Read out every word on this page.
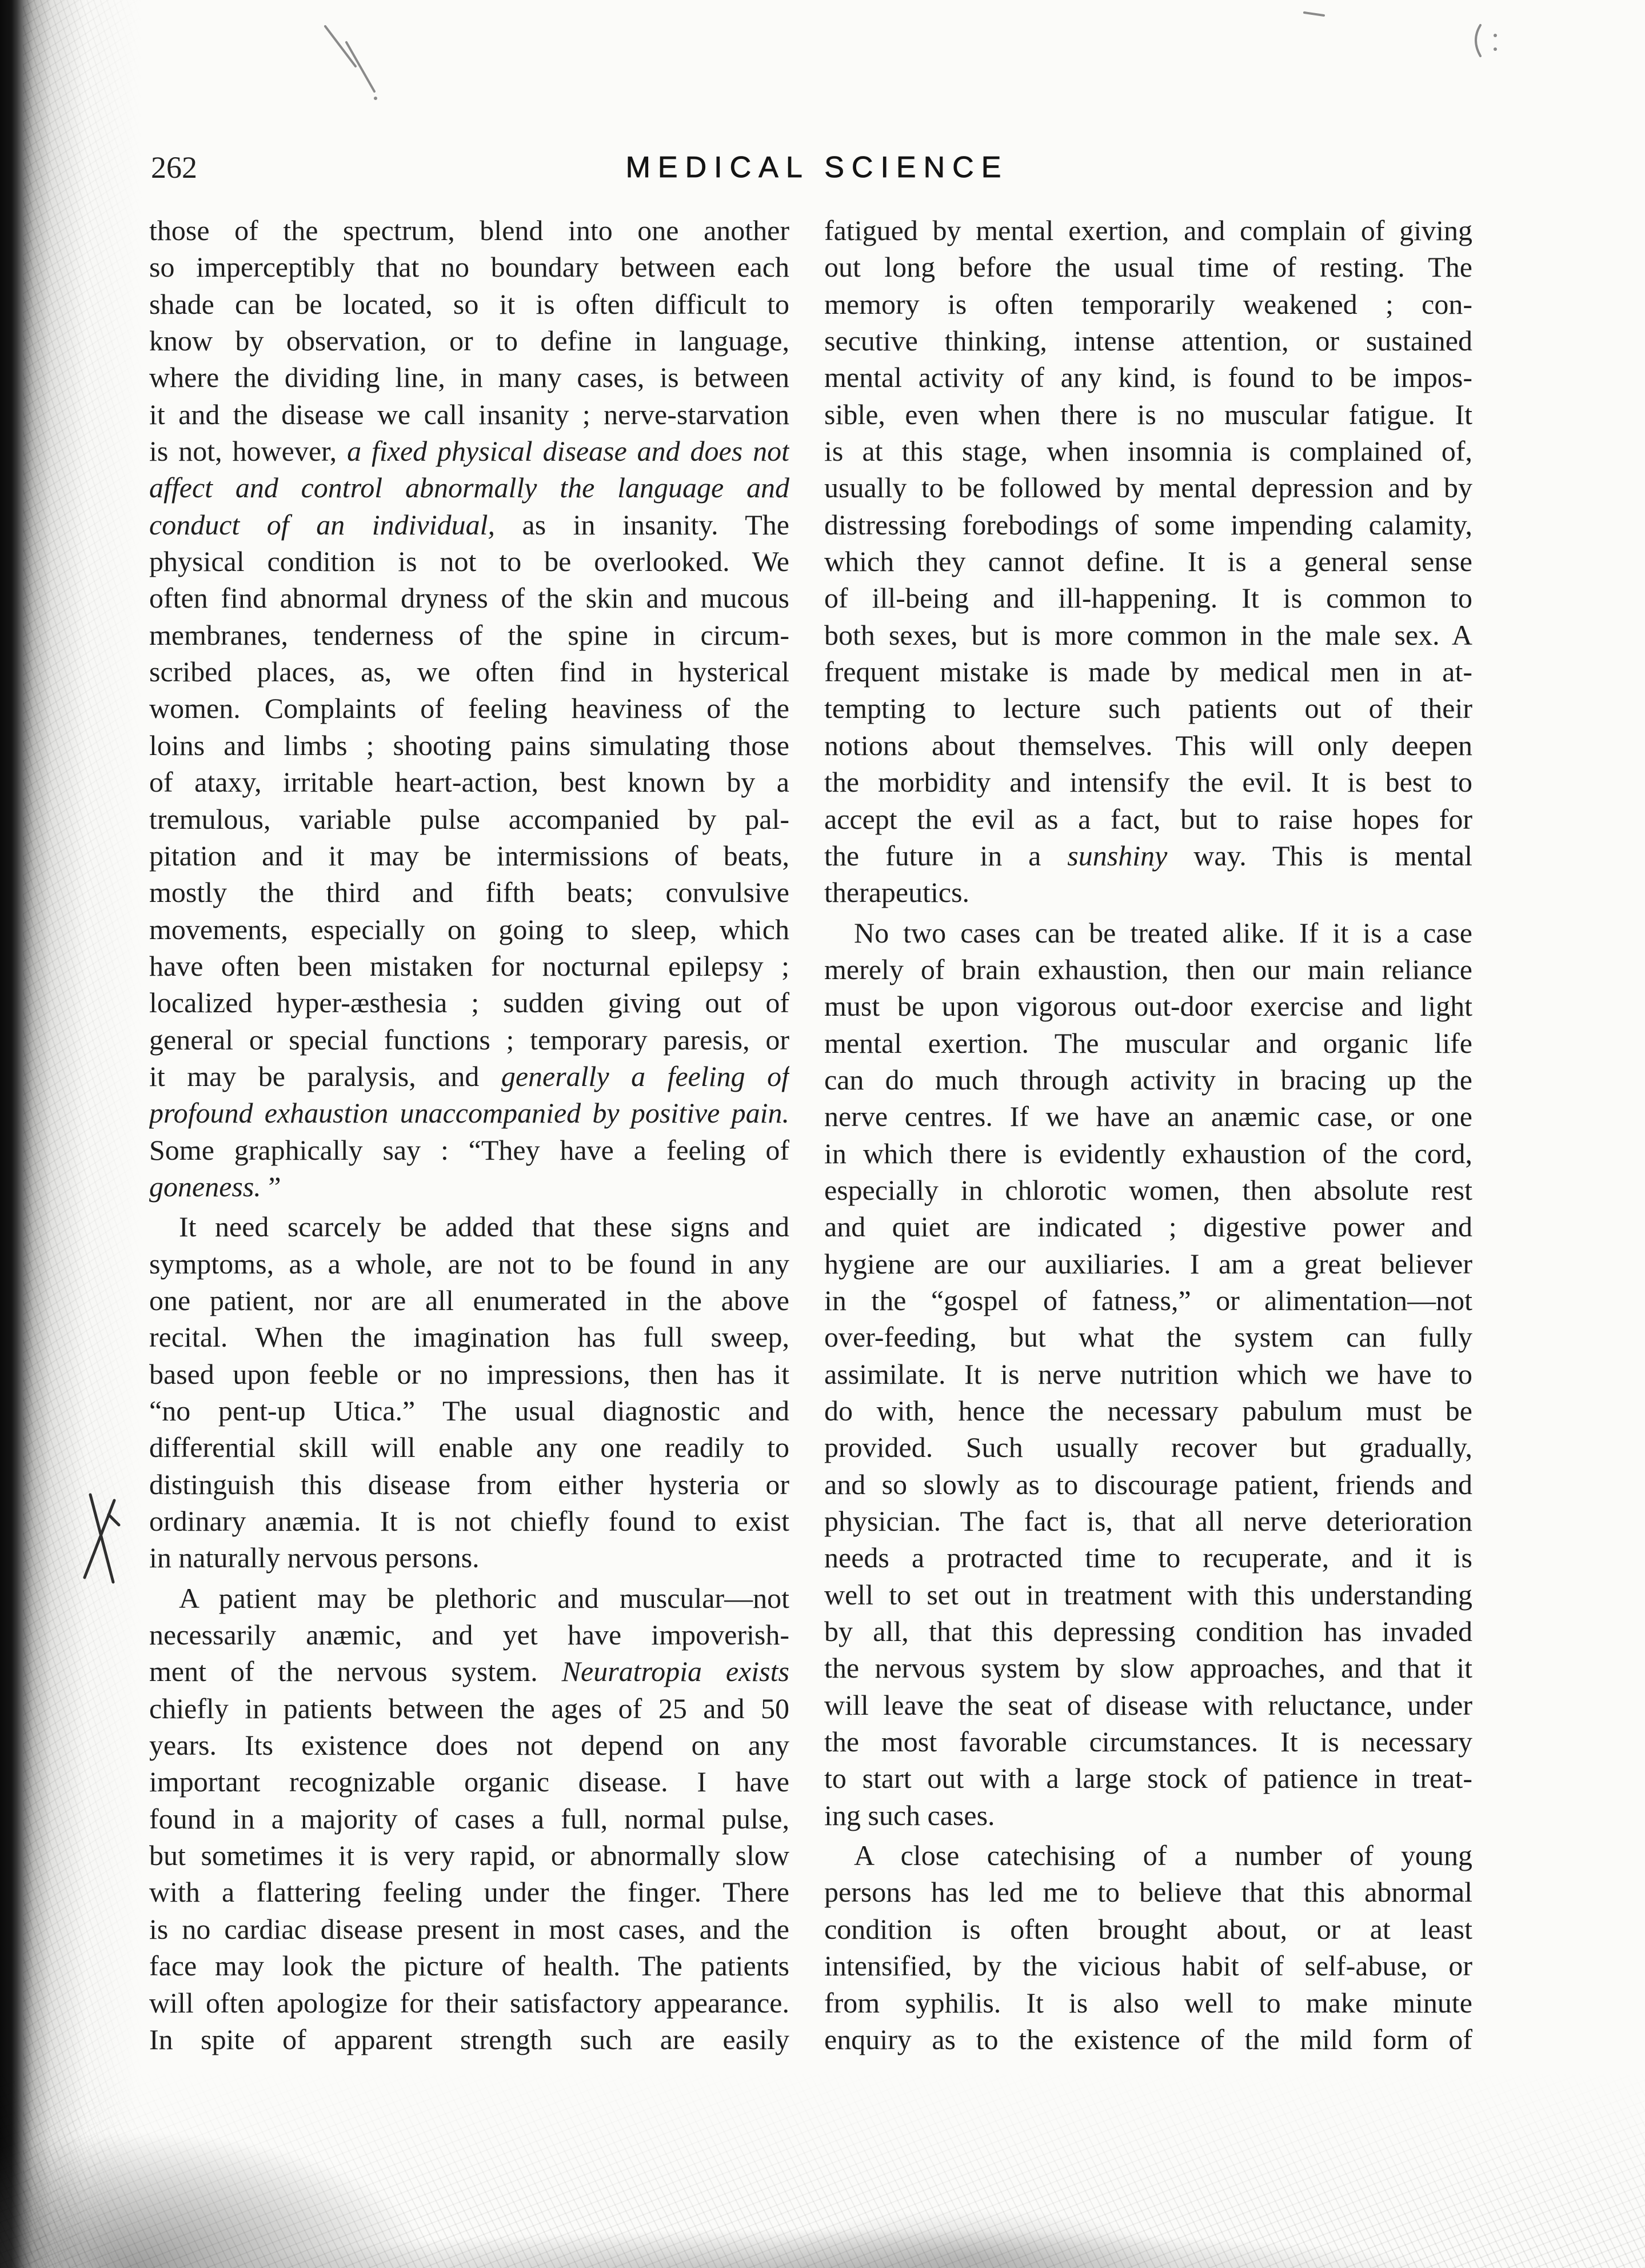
262	MEDICAL SCIENCE
those of the spectrum, blend into one another
so imperceptibly that no boundary between each
shade can be located, so it is often difficult to
know by observation, or to define in language,
where the dividing line, in many cases, is between
it and the disease we call insanity ; nerve-starvation
is not, however, a fixed physical disease and does not
affect and control abnormally the language and
conduct of an individual, as in insanity. The
physical condition is not to be overlooked. We
often find abnormal dryness of the skin and mucous
membranes, tenderness of the spine in circum-
scribed places, as, we often find in hysterical
women. Complaints of feeling heaviness of the
loins and limbs ; shooting pains simulating those
of ataxy, irritable heart-action, best known by a
tremulous, variable pulse accompanied by pal-
pitation and it may be intermissions of beats,
mostly the third and fifth beats; convulsive
movements, especially on going to sleep, which
have often been mistaken for nocturnal epilepsy ;
localized hyper-æsthesia ; sudden giving out of
general or special functions ; temporary paresis, or
it may be paralysis, and generally a feeling of
profound exhaustion unaccompanied by positive pain.
Some graphically say : “They have a feeling of
goneness. ”
It need scarcely be added that these signs and
symptoms, as a whole, are not to be found in any
one patient, nor are all enumerated in the above
recital. When the imagination has full sweep,
based upon feeble or no impressions, then has it
“no pent-up Utica.” The usual diagnostic and
differential skill will enable any one readily to
distinguish this disease from either hysteria or
ordinary anæmia. It is not chiefly found to exist
in naturally nervous persons.
A patient may be plethoric and muscular—not
necessarily anæmic, and yet have impoverish-
ment of the nervous system. Neuratropia exists
chiefly in patients between the ages of 25 and 50
years. Its existence does not depend on any
important recognizable organic disease. I have
found in a majority of cases a full, normal pulse,
but sometimes it is very rapid, or abnormally slow
with a flattering feeling under the finger. There
is no cardiac disease present in most cases, and the
face may look the picture of health. The patients
will often apologize for their satisfactory appearance.
In spite of apparent strength such are easily
fatigued by mental exertion, and complain of giving
out long before the usual time of resting. The
memory is often temporarily weakened ; con-
secutive thinking, intense attention, or sustained
mental activity of any kind, is found to be impos-
sible, even when there is no muscular fatigue. It
is at this stage, when insomnia is complained of,
usually to be followed by mental depression and by
distressing forebodings of some impending calamity,
which they cannot define. It is a general sense
of ill-being and ill-happening. It is common to
both sexes, but is more common in the male sex. A
frequent mistake is made by medical men in at-
tempting to lecture such patients out of their
notions about themselves. This will only deepen
the morbidity and intensify the evil. It is best to
accept the evil as a fact, but to raise hopes for
the future in a sunshiny way. This is mental
therapeutics.
No two cases can be treated alike. If it is a case
merely of brain exhaustion, then our main reliance
must be upon vigorous out-door exercise and light
mental exertion. The muscular and organic life
can do much through activity in bracing up the
nerve centres. If we have an anæmic case, or one
in which there is evidently exhaustion of the cord,
especially in chlorotic women, then absolute rest
and quiet are indicated ; digestive power and
hygiene are our auxiliaries. I am a great believer
in the “gospel of fatness,” or alimentation—not
over-feeding, but what the system can fully
assimilate. It is nerve nutrition which we have to
do with, hence the necessary pabulum must be
provided. Such usually recover but gradually,
and so slowly as to discourage patient, friends and
physician. The fact is, that all nerve deterioration
needs a protracted time to recuperate, and it is
well to set out in treatment with this understanding
by all, that this depressing condition has invaded
the nervous system by slow approaches, and that it
will leave the seat of disease with reluctance, under
the most favorable circumstances. It is necessary
to start out with a large stock of patience in treat-
ing such cases.
A close catechising of a number of young
persons has led me to believe that this abnormal
condition is often brought about, or at least
intensified, by the vicious habit of self-abuse, or
from syphilis. It is also well to make minute
enquiry as to the existence of the mild form of
